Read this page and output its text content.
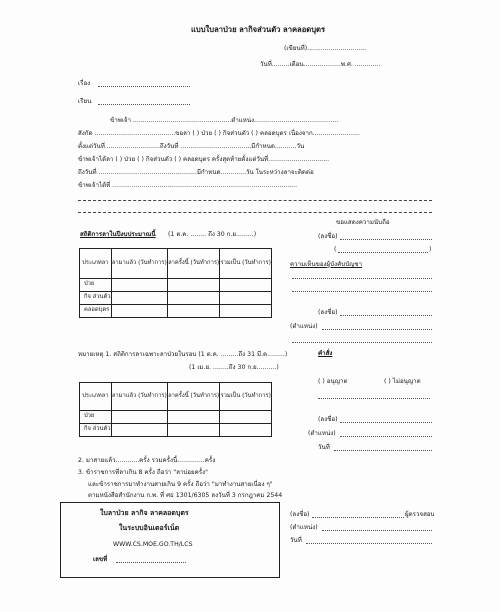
แบบใบลาป่วย ลากิจส่วนตัว ลาคลอดบุตร
(เขียนที่)..............................
วันที่.........เดือน...................พ.ศ. .............
เรื่อง
เรียน
ข้าพเจ้า ..................................................ตำแหน่ง...........................................
สังกัด .........................................ขอลา ( ) ป่วย ( ) กิจส่วนตัว ( ) คลอดบุตร เนื่องจาก........................
ตั้งแต่วันที่ ...........................ถึงวันที่ ....................................มีกำหนด...........วัน
ข้าพเจ้าได้ลา ( ) ป่วย ( ) กิจส่วนตัว ( ) คลอดบุตร ครั้งสุดท้ายตั้งแต่วันที่...............................
ถึงวันที่ ..................................................มีกำหนด.............วัน ในระหว่างลาจะติดต่อ
ข้าพเจ้าได้ที่ ..............................................................................................
ขอแสดงความนับถือ
(ลงชื่อ)
(	)
สถิติการลาในปีงบประมาณนี้ (1 ต.ค. ........ ถึง 30 ก.ย.........)
ความเห็นของผู้บังคับบัญชา
(ลงชื่อ)
(ตำแหน่ง)
ประเภทลา	ลามาแล้ว (วันทำการ)	ลาครั้งนี้ (วันทำการ)	รวมเป็น (วันทำการ)
ป่วย			
กิจ ส่วนตัว			
คลอดบุตร			
หมายเหตุ 1. สถิติการลาเฉพาะลาป่วยในรอบ (1 ต.ค. .........ถึง 31 มี.ค.........)
(1 เม.ย. ........ถึง 30 ก.ย..........)
คำสั่ง
( ) อนุญาต	( ) ไม่อนุญาต
(ลงชื่อ)
(ตำแหน่ง)
วันที่
ประเภทลา	ลามาแล้ว (วันทำการ)	ลาครั้งนี้ (วันทำการ)	รวมเป็น (วันทำการ)
ป่วย			
กิจ ส่วนตัว			
2. มาสายแล้ว............ครั้ง รวมครั้งนี้..............ครั้ง
3. ข้าราชการที่ลาเกิน 8 ครั้ง ถือว่า "ลาบ่อยครั้ง"
และข้าราชการมาทำงานสายเกิน 9 ครั้ง ถือว่า "มาทำงานสายเนื่อง ๆ"
ตามหนังสือสำนักงาน ก.พ. ที่ ศธ 1301/6305 ลงวันที่ 3 กรกฎาคม 2544
ใบลาป่วย ลากิจ ลาคลอดบุตร
ในระบบอินเตอร์เน็ต
WWW.CS.MOE.GO.TH/LCS
เลขที่
(ลงชื่อ)	ผู้ตรวจสอบ
(ตำแหน่ง)
วันที่
